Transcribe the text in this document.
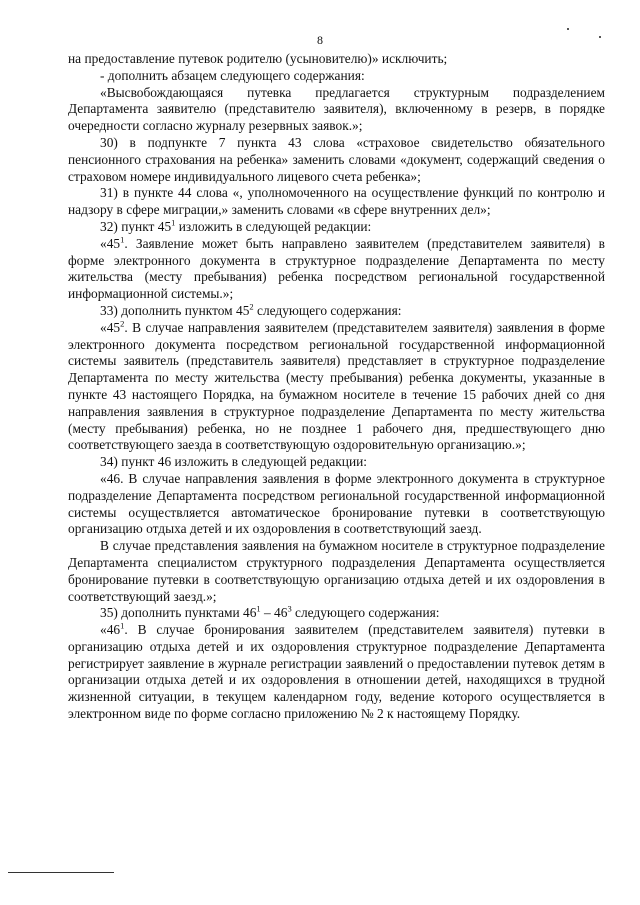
8

на предоставление путевок родителю (усыновителю)» исключить;

- дополнить абзацем следующего содержания:

«Высвобождающаяся путевка предлагается структурным подразделением Департамента заявителю (представителю заявителя), включенному в резерв, в порядке очередности согласно журналу резервных заявок.»;

30) в подпункте 7 пункта 43 слова «страховое свидетельство обязательного пенсионного страхования на ребенка» заменить словами «документ, содержащий сведения о страховом номере индивидуального лицевого счета ребенка»;

31) в пункте 44 слова «, уполномоченного на осуществление функций по контролю и надзору в сфере миграции,» заменить словами «в сфере внутренних дел»;

32) пункт $45^1$ изложить в следующей редакции:

«$45^1$. Заявление может быть направлено заявителем (представителем заявителя) в форме электронного документа в структурное подразделение Департамента по месту жительства (месту пребывания) ребенка посредством региональной государственной информационной системы.»;

33) дополнить пунктом $45^2$ следующего содержания:

«$45^2$. В случае направления заявителем (представителем заявителя) заявления в форме электронного документа посредством региональной государственной информационной системы заявитель (представитель заявителя) представляет в структурное подразделение Департамента по месту жительства (месту пребывания) ребенка документы, указанные в пункте 43 настоящего Порядка, на бумажном носителе в течение 15 рабочих дней со дня направления заявления в структурное подразделение Департамента по месту жительства (месту пребывания) ребенка, но не позднее 1 рабочего дня, предшествующего дню соответствующего заезда в соответствующую оздоровительную организацию.»;

34) пункт 46 изложить в следующей редакции:

«46. В случае направления заявления в форме электронного документа в структурное подразделение Департамента посредством региональной государственной информационной системы осуществляется автоматическое бронирование путевки в соответствующую организацию отдыха детей и их оздоровления в соответствующий заезд.

В случае представления заявления на бумажном носителе в структурное подразделение Департамента специалистом структурного подразделения Департамента осуществляется бронирование путевки в соответствующую организацию отдыха детей и их оздоровления в соответствующий заезд.»;

35) дополнить пунктами $46^1 - 46^3$ следующего содержания:

«$46^1$. В случае бронирования заявителем (представителем заявителя) путевки в организацию отдыха детей и их оздоровления структурное подразделение Департамента регистрирует заявление в журнале регистрации заявлений о предоставлении путевок детям в организации отдыха детей и их оздоровления в отношении детей, находящихся в трудной жизненной ситуации, в текущем календарном году, ведение которого осуществляется в электронном виде по форме согласно приложению № 2 к настоящему Порядку.
